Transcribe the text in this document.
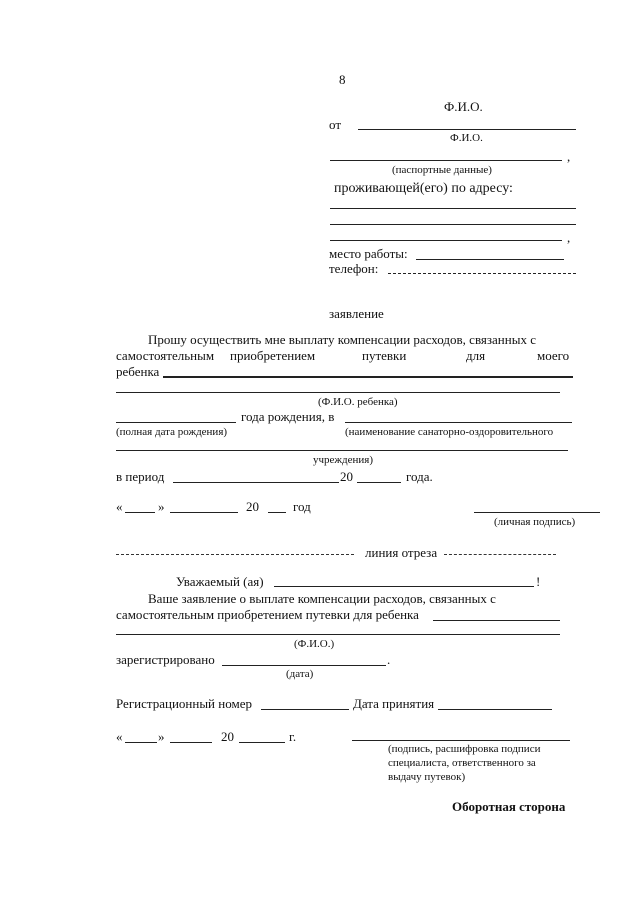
8
Ф.И.О.
от
Ф.И.О.
,
(паспортные данные)
проживающей(его) по адресу:
,
место работы:
телефон:
заявление
Прошу осуществить мне выплату компенсации расходов, связанных с
самостоятельным приобретением	путевки	для	моего
ребенка
(Ф.И.О. ребенка)
года рождения, в
(полная дата рождения)	(наименование санаторно-оздоровительного
учреждения)
в период	20	года.
«	»	20	год
(личная подпись)
линия отреза
Уважаемый (ая)	!
Ваше заявление о выплате компенсации расходов, связанных с
самостоятельным приобретением путевки для ребенка
(Ф.И.О.)
зарегистрировано	.
(дата)
Регистрационный номер	Дата принятия
«	»	20	г.
(подпись, расшифровка подписи
специалиста, ответственного за
выдачу путевок)
Оборотная сторона
